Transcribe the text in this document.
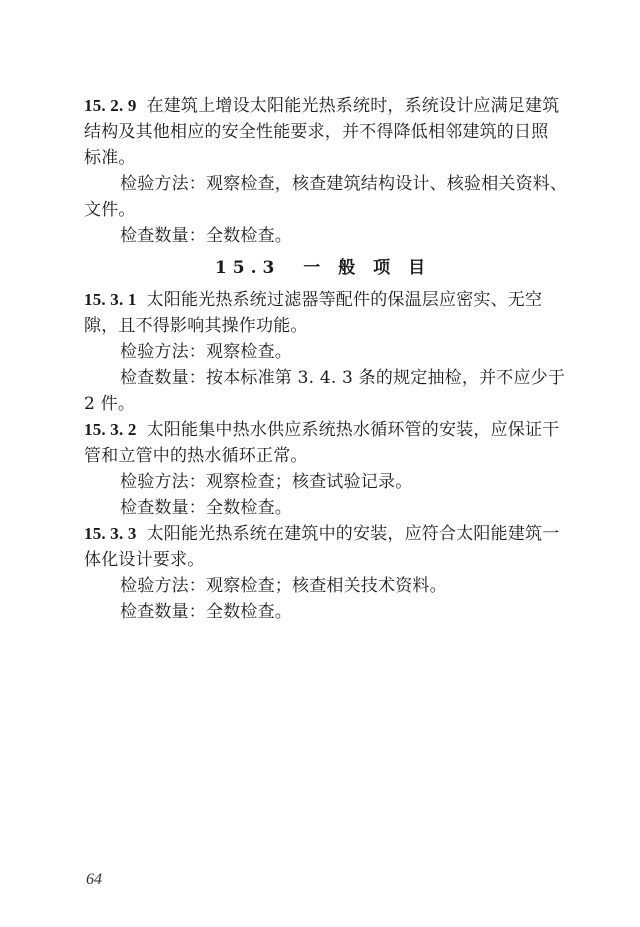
15. 2. 9 在建筑上增设太阳能光热系统时，系统设计应满足建筑
结构及其他相应的安全性能要求，并不得降低相邻建筑的日照
标准。
检验方法：观察检查，核查建筑结构设计、核验相关资料、
文件。
检查数量：全数检查。
15.3　一 般 项 目
15. 3. 1 太阳能光热系统过滤器等配件的保温层应密实、无空
隙，且不得影响其操作功能。
检验方法：观察检查。
检查数量：按本标准第 3. 4. 3 条的规定抽检，并不应少于
2 件。
15. 3. 2 太阳能集中热水供应系统热水循环管的安装，应保证干
管和立管中的热水循环正常。
检验方法：观察检查；核查试验记录。
检查数量：全数检查。
15. 3. 3 太阳能光热系统在建筑中的安装，应符合太阳能建筑一
体化设计要求。
检验方法：观察检查；核查相关技术资料。
检查数量：全数检查。
64
